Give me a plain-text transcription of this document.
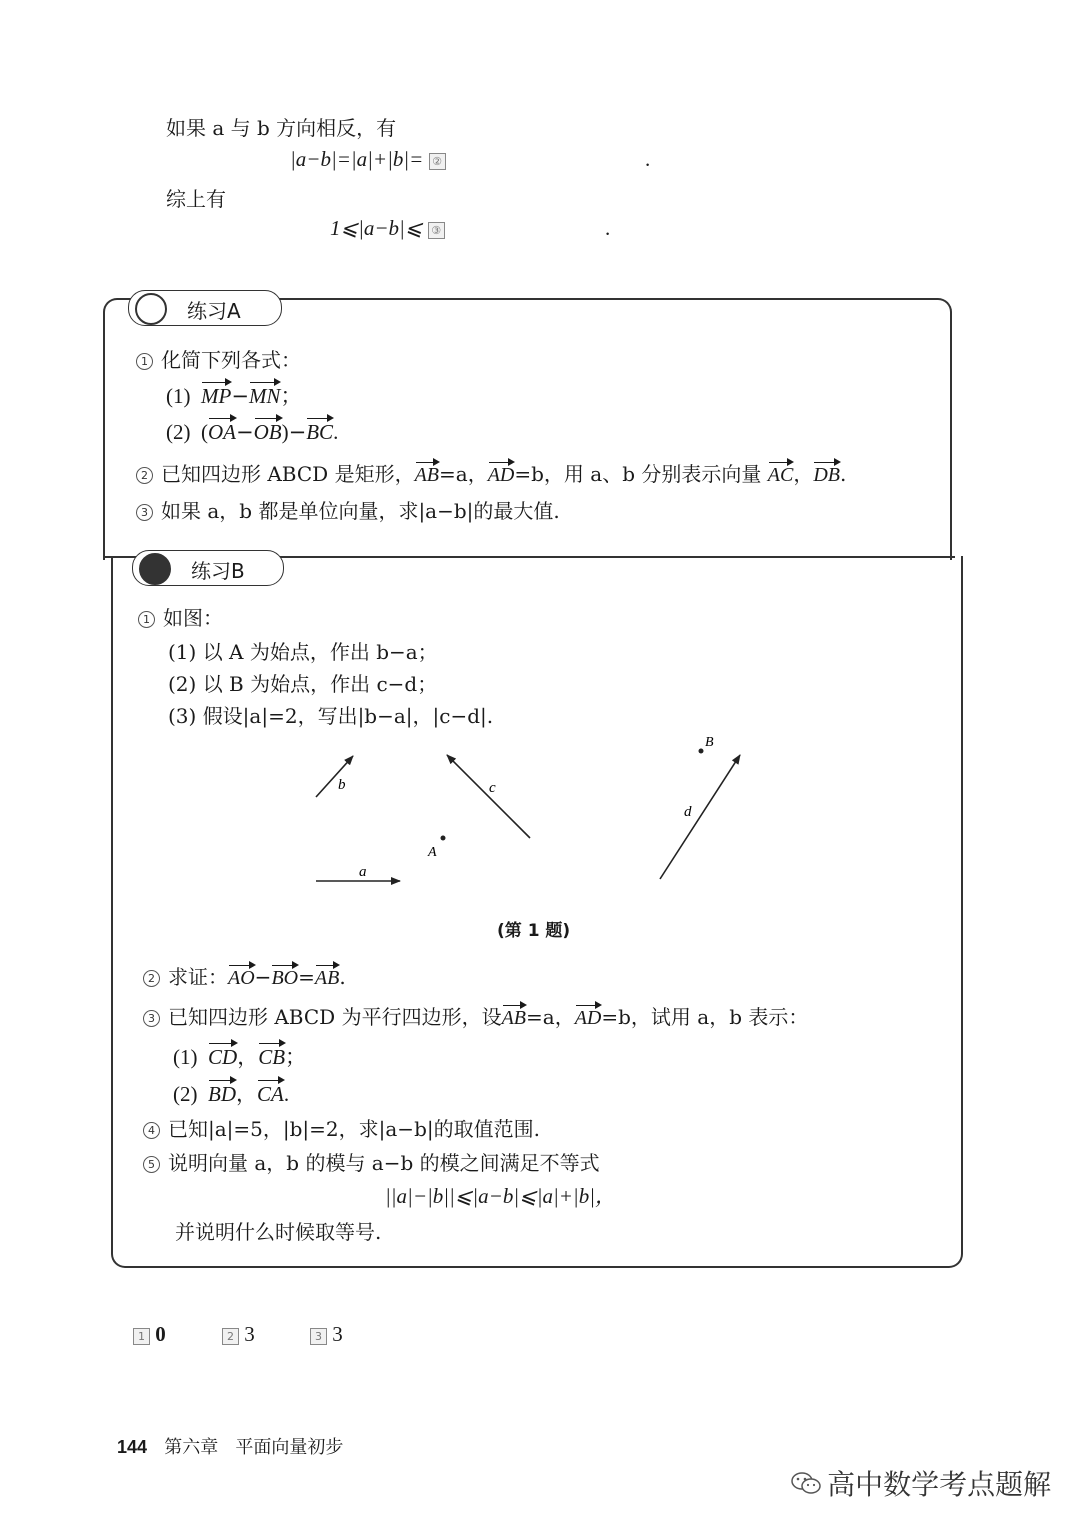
如果 a 与 b 方向相反，有
|a−b|=|a|+|b|= ②	.
综上有
1⩽|a−b|⩽ ③	.
练习A
1 化简下列各式：
(1) MP−MN；
(2)  (OA−OB)−BC.
2 已知四边形 ABCD 是矩形，AB=a，AD=b，用 a、b 分别表示向量 AC，DB.
3 如果 a，b 都是单位向量，求|a−b|的最大值.
练习B
1 如图：
(1) 以 A 为始点，作出 b−a；
(2) 以 B 为始点，作出 c−d；
(3) 假设|a|=2，写出|b−a|，|c−d|.
b	c
a
d
A
B
(第 1 题)
2 求证：AO−BO=AB.
3 已知四边形 ABCD 为平行四边形，设AB=a，AD=b，试用 a，b 表示：
(1) CD，CB；
(2) BD，CA.
4 已知|a|=5，|b|=2，求|a−b|的取值范围.
5 说明向量 a，b 的模与 a−b 的模之间满足不等式
||a|−|b||⩽|a−b|⩽|a|+|b|，
并说明什么时候取等号.
1 0	2 3	3 3
144 第六章 平面向量初步
高中数学考点题解
